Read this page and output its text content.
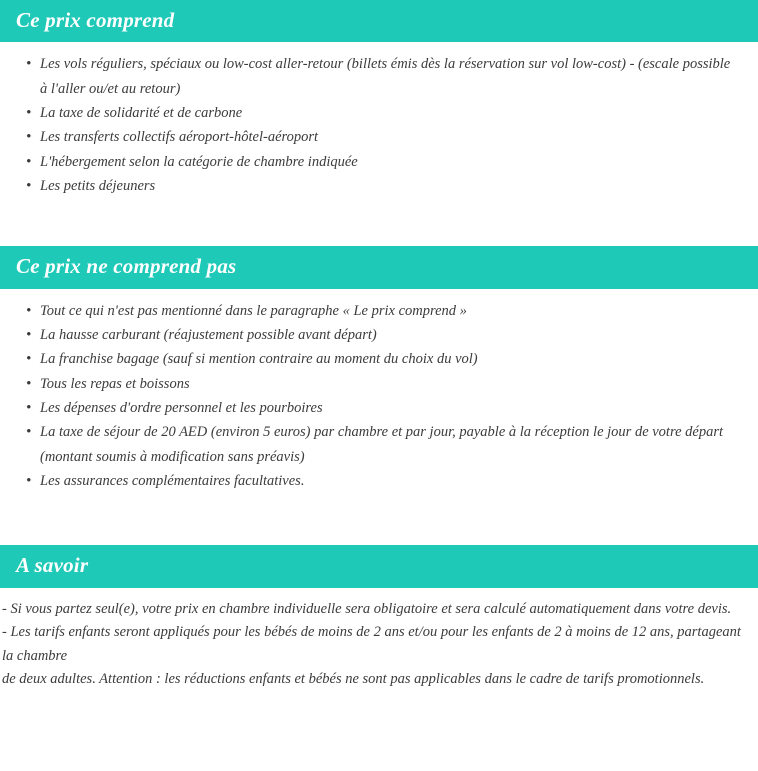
Ce prix comprend
• Les vols réguliers, spéciaux ou low-cost aller-retour (billets émis dès la réservation sur vol low-cost) - (escale possible à l'aller ou/et au retour)
• La taxe de solidarité et de carbone
• Les transferts collectifs aéroport-hôtel-aéroport
• L'hébergement selon la catégorie de chambre indiquée
• Les petits déjeuners
Ce prix ne comprend pas
• Tout ce qui n'est pas mentionné dans le paragraphe « Le prix comprend »
• La hausse carburant (réajustement possible avant départ)
• La franchise bagage (sauf si mention contraire au moment du choix du vol)
• Tous les repas et boissons
• Les dépenses d'ordre personnel et les pourboires
• La taxe de séjour de 20 AED (environ 5 euros) par chambre et par jour, payable à la réception le jour de votre départ (montant soumis à modification sans préavis)
• Les assurances complémentaires facultatives.
A savoir

- Si vous partez seul(e), votre prix en chambre individuelle sera obligatoire et sera calculé automatiquement dans votre devis.

- Les tarifs enfants seront appliqués pour les bébés de moins de 2 ans et/ou pour les enfants de 2 à moins de 12 ans, partageant la chambre

de deux adultes. Attention : les réductions enfants et bébés ne sont pas applicables dans le cadre de tarifs promotionnels.
